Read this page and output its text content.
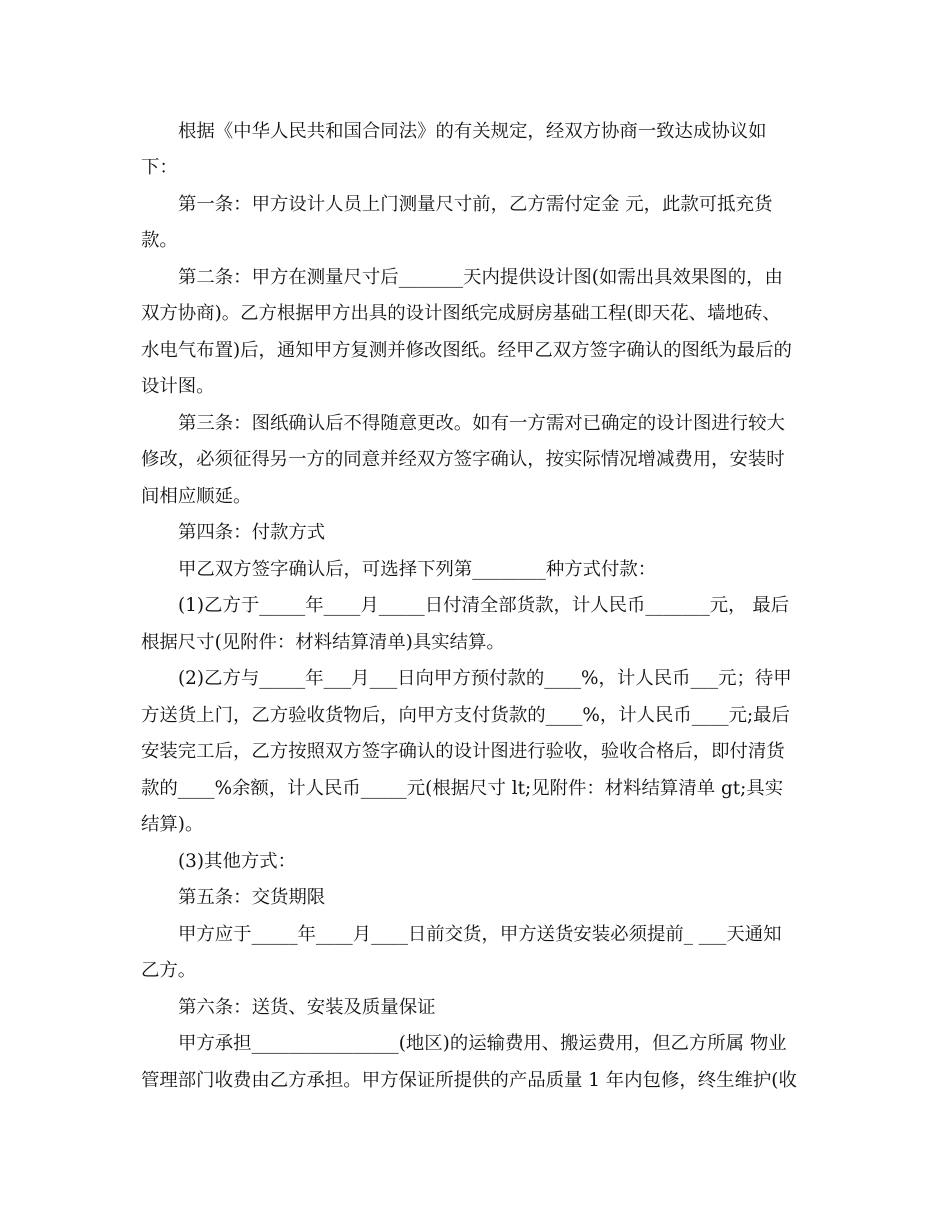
根据《中华人民共和国合同法》的有关规定，经双方协商一致达成协议如
下：
第一条：甲方设计人员上门测量尺寸前，乙方需付定金 元，此款可抵充货
款。
第二条：甲方在测量尺寸后_______天内提供设计图(如需出具效果图的，由
双方协商)。乙方根据甲方出具的设计图纸完成厨房基础工程(即天花、墙地砖、
水电气布置)后，通知甲方复测并修改图纸。经甲乙双方签字确认的图纸为最后的
设计图。
第三条：图纸确认后不得随意更改。如有一方需对已确定的设计图进行较大
修改，必须征得另一方的同意并经双方签字确认，按实际情况增减费用，安装时
间相应顺延。
第四条：付款方式
甲乙双方签字确认后，可选择下列第________种方式付款：
(1)乙方于_____年____月_____日付清全部货款，计人民币_______元， 最后
根据尺寸(见附件：材料结算清单)具实结算。
(2)乙方与_____年___月___日向甲方预付款的____%，计人民币___元；待甲
方送货上门，乙方验收货物后，向甲方支付货款的____%，计人民币____元;最后
安装完工后，乙方按照双方签字确认的设计图进行验收，验收合格后，即付清货
款的____%余额，计人民币_____元(根据尺寸 lt;见附件：材料结算清单 gt;具实
结算)。
(3)其他方式：
第五条：交货期限
甲方应于_____年____月____日前交货，甲方送货安装必须提前_ ___天通知
乙方。
第六条：送货、安装及质量保证
甲方承担________________(地区)的运输费用、搬运费用，但乙方所属 物业
管理部门收费由乙方承担。甲方保证所提供的产品质量 1 年内包修，终生维护(收
